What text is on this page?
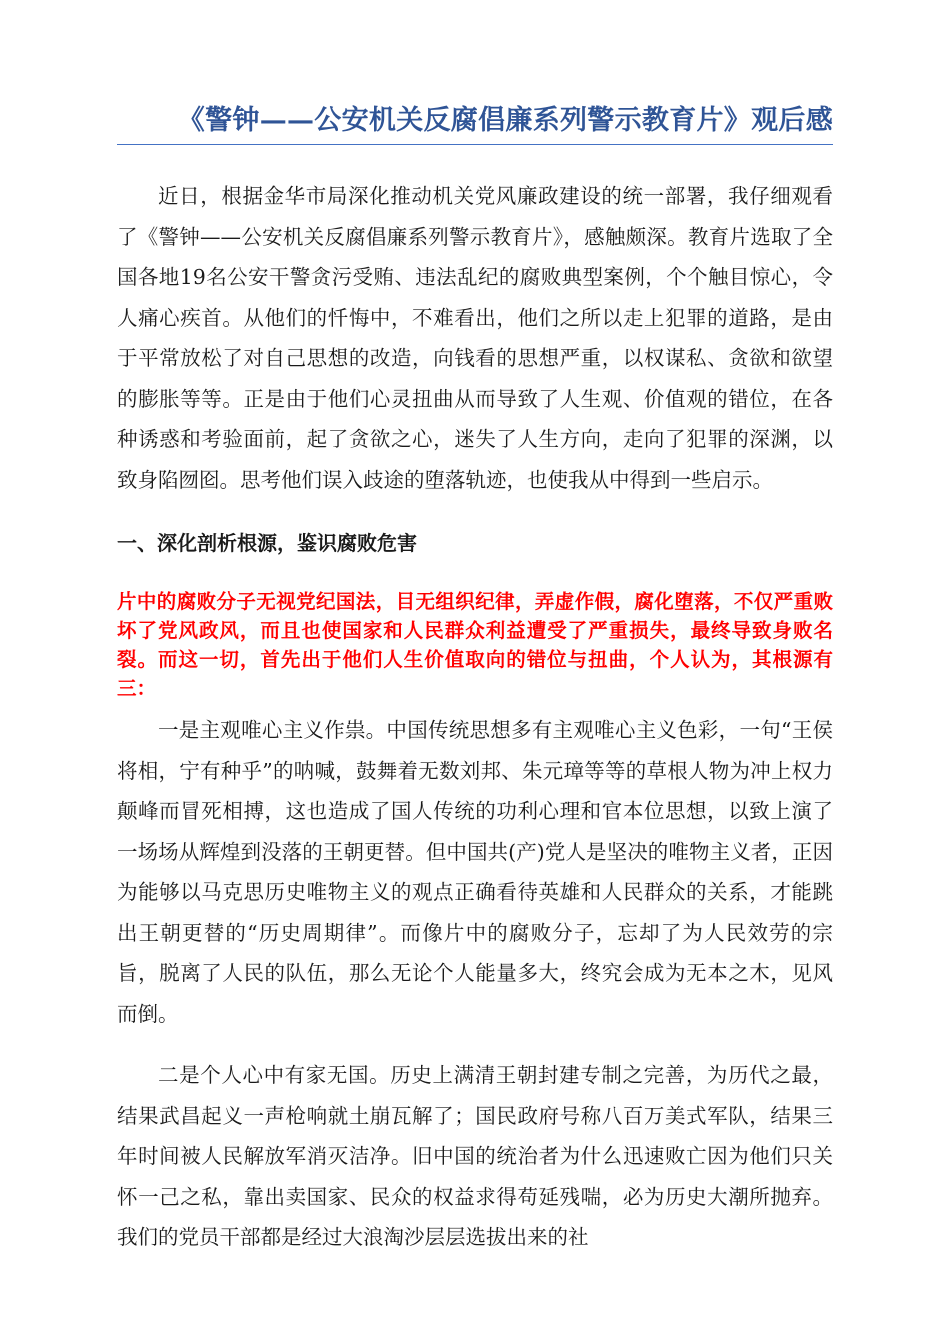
《警钟——公安机关反腐倡廉系列警示教育片》观后感

近日，根据金华市局深化推动机关党风廉政建设的统一部署，我仔细观看了《警钟——公安机关反腐倡廉系列警示教育片》，感触颇深。教育片选取了全国各地19名公安干警贪污受贿、违法乱纪的腐败典型案例，个个触目惊心，令人痛心疾首。从他们的忏悔中，不难看出，他们之所以走上犯罪的道路，是由于平常放松了对自己思想的改造，向钱看的思想严重，以权谋私、贪欲和欲望的膨胀等等。正是由于他们心灵扭曲从而导致了人生观、价值观的错位，在各种诱惑和考验面前，起了贪欲之心，迷失了人生方向，走向了犯罪的深渊，以致身陷囫囵。思考他们误入歧途的堕落轨迹，也使我从中得到一些启示。

一、深化剖析根源，鉴识腐败危害

片中的腐败分子无视党纪国法，目无组织纪律，弄虚作假，腐化堕落，不仅严重败坏了党风政风，而且也使国家和人民群众利益遭受了严重损失，最终导致身败名裂。而这一切，首先出于他们人生价值取向的错位与扭曲，个人认为，其根源有三：

一是主观唯心主义作祟。中国传统思想多有主观唯心主义色彩，一句“王侯将相，宁有种乎”的呐喊，鼓舞着无数刘邦、朱元璋等等的草根人物为冲上权力颠峰而冒死相搏，这也造成了国人传统的功利心理和官本位思想，以致上演了一场场从辉煌到没落的王朝更替。但中国共(产)党人是坚决的唯物主义者，正因为能够以马克思历史唯物主义的观点正确看待英雄和人民群众的关系，才能跳出王朝更替的“历史周期律”。而像片中的腐败分子，忘却了为人民效劳的宗旨，脱离了人民的队伍，那么无论个人能量多大，终究会成为无本之木，见风而倒。

二是个人心中有家无国。历史上满清王朝封建专制之完善，为历代之最，结果武昌起义一声枪响就土崩瓦解了；国民政府号称八百万美式军队，结果三年时间被人民解放军消灭洁净。旧中国的统治者为什么迅速败亡因为他们只关怀一己之私，靠出卖国家、民众的权益求得苟延残喘，必为历史大潮所抛弃。我们的党员干部都是经过大浪淘沙层层选拔出来的社
